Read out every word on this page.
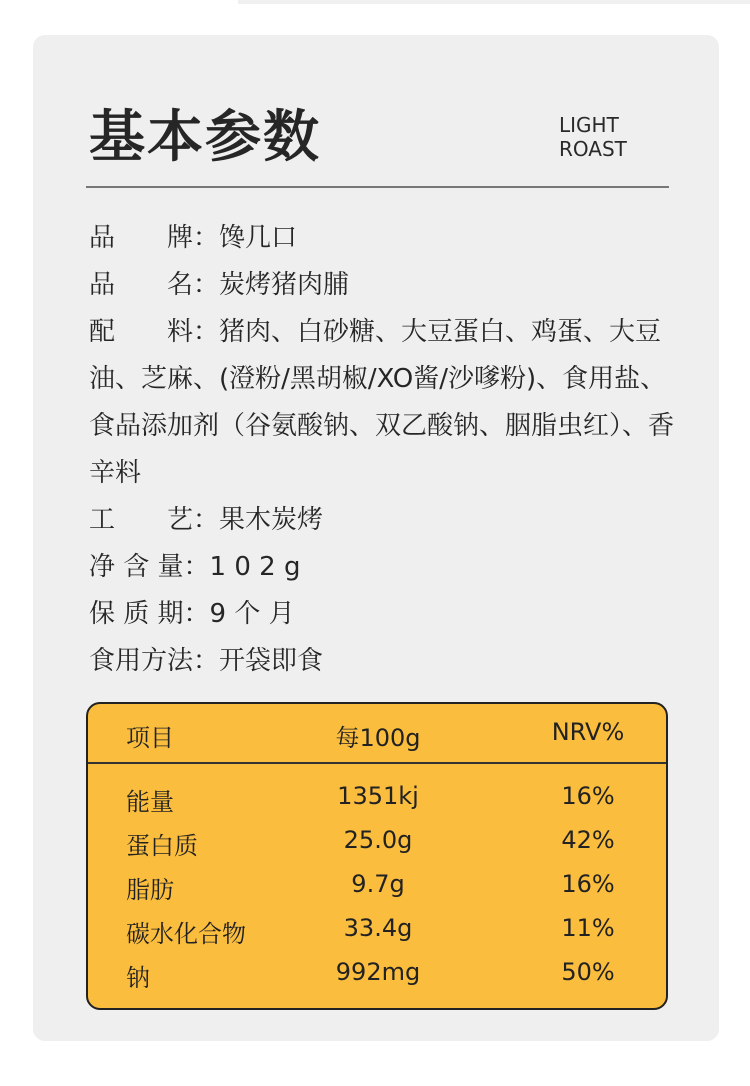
基本参数	LIGHT
ROAST
品　　牌：馋几口
品　　名：炭烤猪肉脯
配　　料：猪肉、白砂糖、大豆蛋白、鸡蛋、大豆油、芝麻、(澄粉/黑胡椒/XO酱/沙嗲粉)、食用盐、食品添加剂（谷氨酸钠、双乙酸钠、胭脂虫红）、香辛料
工　　艺：果木炭烤
净 含 量：1 0 2 g
保 质 期：9 个 月
食用方法：开袋即食
项目	每100g	NRV%
能量	1351kj	16%
蛋白质	25.0g	42%
脂肪	9.7g	16%
碳水化合物	33.4g	11%
钠	992mg	50%
